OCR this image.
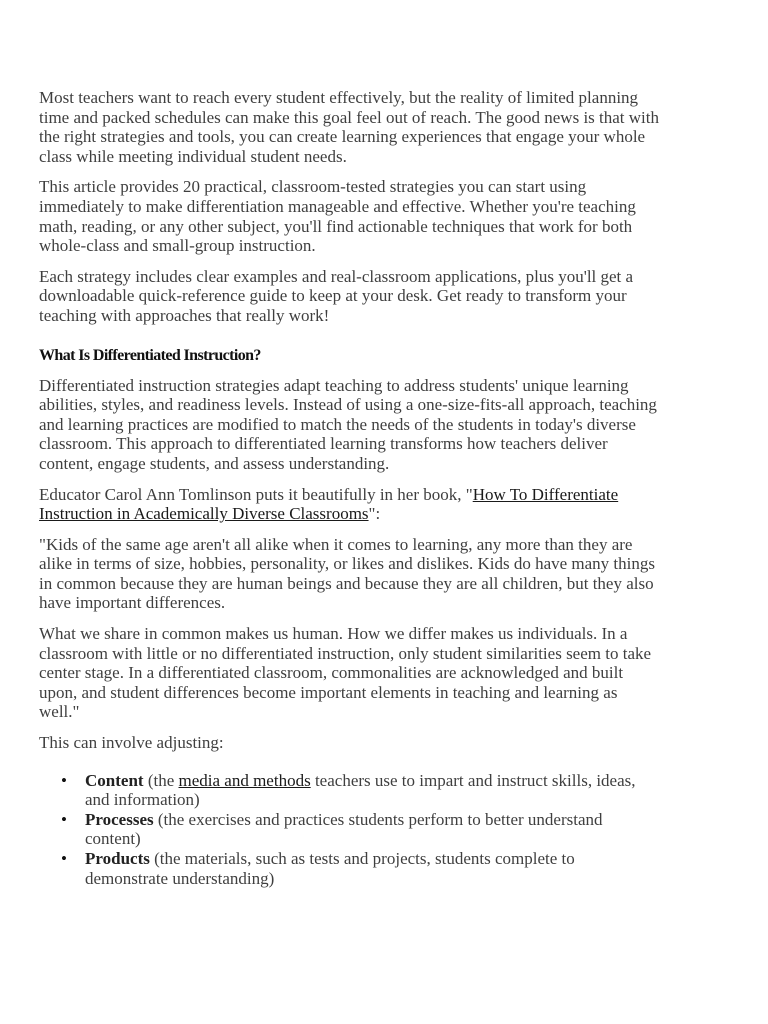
Most teachers want to reach every student effectively, but the reality of limited planning time and packed schedules can make this goal feel out of reach. The good news is that with the right strategies and tools, you can create learning experiences that engage your whole class while meeting individual student needs.

This article provides 20 practical, classroom-tested strategies you can start using immediately to make differentiation manageable and effective. Whether you're teaching math, reading, or any other subject, you'll find actionable techniques that work for both whole-class and small-group instruction.

Each strategy includes clear examples and real-classroom applications, plus you'll get a downloadable quick-reference guide to keep at your desk. Get ready to transform your teaching with approaches that really work!

What Is Differentiated Instruction?

Differentiated instruction strategies adapt teaching to address students' unique learning abilities, styles, and readiness levels. Instead of using a one-size-fits-all approach, teaching and learning practices are modified to match the needs of the students in today's diverse classroom. This approach to differentiated learning transforms how teachers deliver content, engage students, and assess understanding.

Educator Carol Ann Tomlinson puts it beautifully in her book, "How To Differentiate Instruction in Academically Diverse Classrooms":

"Kids of the same age aren't all alike when it comes to learning, any more than they are alike in terms of size, hobbies, personality, or likes and dislikes. Kids do have many things in common because they are human beings and because they are all children, but they also have important differences.

What we share in common makes us human. How we differ makes us individuals. In a classroom with little or no differentiated instruction, only student similarities seem to take center stage. In a differentiated classroom, commonalities are acknowledged and built upon, and student differences become important elements in teaching and learning as well."

This can involve adjusting:

• Content (the media and methods teachers use to impart and instruct skills, ideas, and information)
• Processes (the exercises and practices students perform to better understand content)
• Products (the materials, such as tests and projects, students complete to demonstrate understanding)
